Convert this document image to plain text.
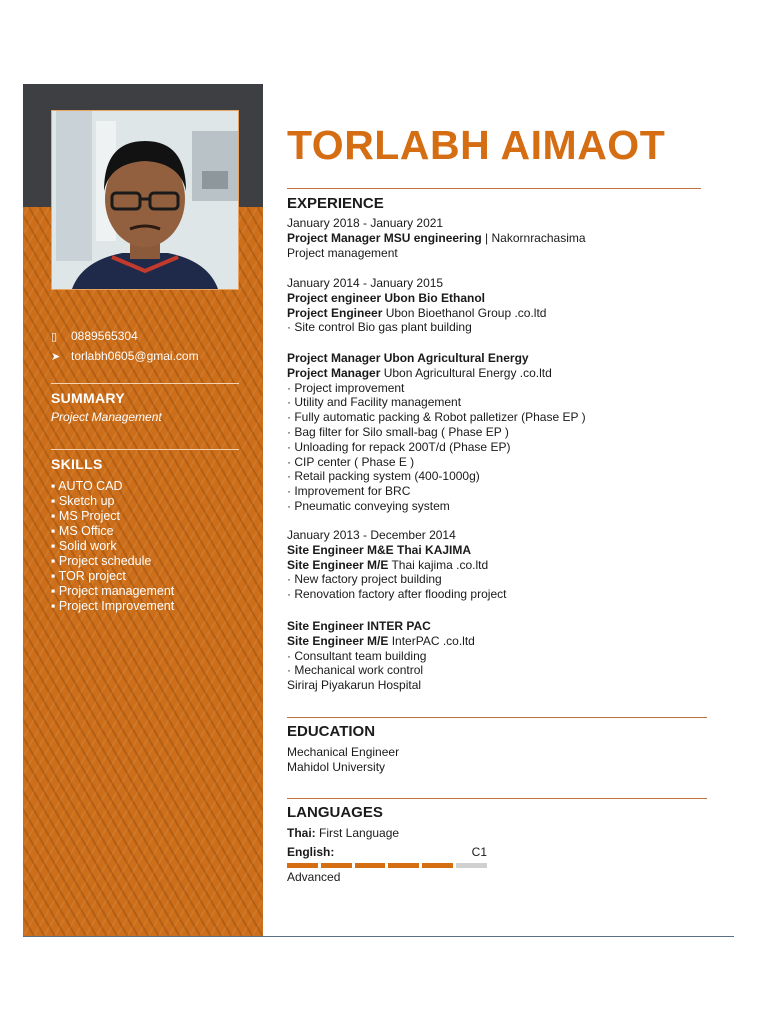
▯	0889565304
➤ torlabh0605@gmai.com
SUMMARY
Project Management
SKILLS
▪ AUTO CAD
▪ Sketch up
▪ MS Project
▪ MS Office
▪ Solid work
▪ Project schedule
▪ TOR project
▪ Project management
▪ Project Improvement
TORLABH AIMAOT
EXPERIENCE
January 2018 - January 2021
Project Manager MSU engineering | Nakornrachasima
Project management
January 2014 - January 2015
Project engineer Ubon Bio Ethanol
Project Engineer Ubon Bioethanol Group .co.ltd
· Site control Bio gas plant building
Project Manager Ubon Agricultural Energy
Project Manager Ubon Agricultural Energy .co.ltd
· Project improvement
· Utility and Facility management
· Fully automatic packing & Robot palletizer (Phase EP )
· Bag filter for Silo small-bag ( Phase EP )
· Unloading for repack 200T/d (Phase EP)
· CIP center ( Phase E )
· Retail packing system (400-1000g)
· Improvement for BRC
· Pneumatic conveying system
January 2013 - December 2014
Site Engineer M&E Thai KAJIMA
Site Engineer M/E Thai kajima .co.ltd
· New factory project building
· Renovation factory after flooding project
Site Engineer INTER PAC
Site Engineer M/E InterPAC .co.ltd
· Consultant team building
· Mechanical work control
Siriraj Piyakarun Hospital
EDUCATION
Mechanical Engineer
Mahidol University
LANGUAGES
Thai: First Language
English:	C1
Advanced
